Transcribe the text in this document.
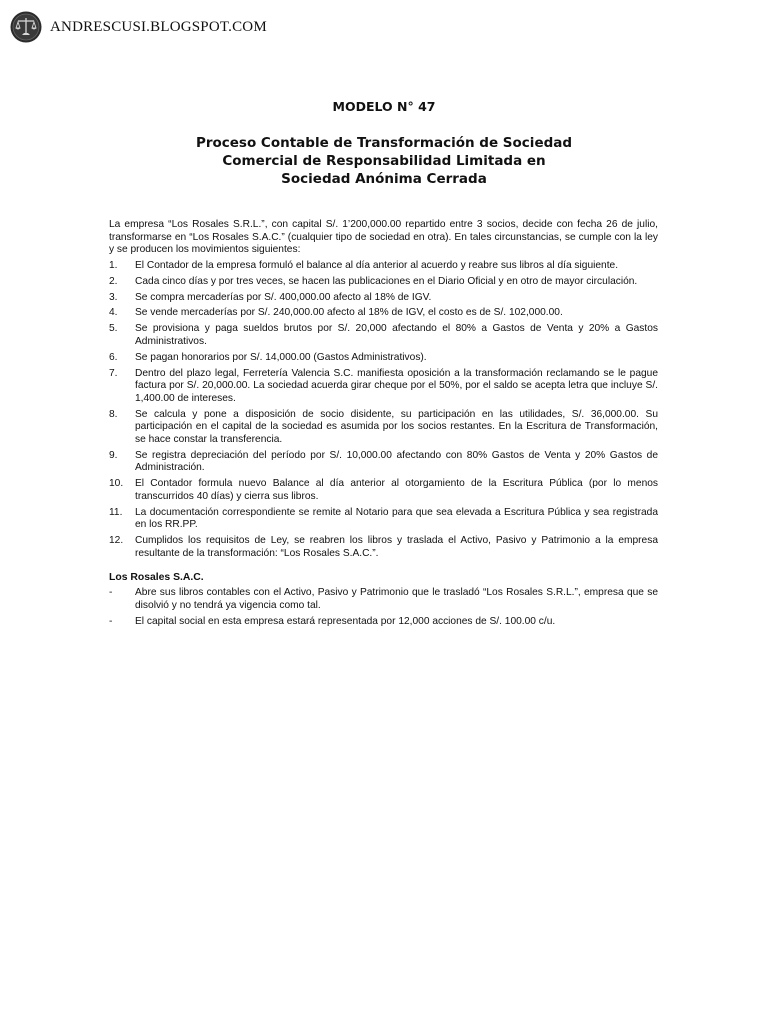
ANDRESCUSI.BLOGSPOT.COM
MODELO N° 47
Proceso Contable de Transformación de Sociedad
Comercial de Responsabilidad Limitada en
Sociedad Anónima Cerrada

La empresa “Los Rosales S.R.L.”, con capital S/. 1’200,000.00 repartido entre 3 socios, decide con fecha 26 de julio, transformarse en “Los Rosales S.A.C.” (cualquier tipo de sociedad en otra). En tales circunstancias, se cumple con la ley y se producen los movimientos siguientes:

1.	El Contador de la empresa formuló el balance al día anterior al acuerdo y reabre sus libros al día siguiente.
2.	Cada cinco días y por tres veces, se hacen las publicaciones en el Diario Oficial y en otro de mayor circulación.
3.	Se compra mercaderías por S/. 400,000.00 afecto al 18% de IGV.
4.	Se vende mercaderías por S/. 240,000.00 afecto al 18% de IGV, el costo es de S/. 102,000.00.
5.	Se provisiona y paga sueldos brutos por S/. 20,000 afectando el 80% a Gastos de Venta y 20% a Gastos Administrativos.
6.	Se pagan honorarios por S/. 14,000.00 (Gastos Administrativos).
7.	Dentro del plazo legal, Ferretería Valencia S.C. manifiesta oposición a la transformación reclamando se le pague factura por S/. 20,000.00. La sociedad acuerda girar cheque por el 50%, por el saldo se acepta letra que incluye S/. 1,400.00 de intereses.
8.	Se calcula y pone a disposición de socio disidente, su participación en las utilidades, S/. 36,000.00. Su participación en el capital de la sociedad es asumida por los socios restantes. En la Escritura de Transformación, se hace constar la transferencia.
9.	Se registra depreciación del período por S/. 10,000.00 afectando con 80% Gastos de Venta y 20% Gastos de Administración.
10.	El Contador formula nuevo Balance al día anterior al otorgamiento de la Escritura Pública (por lo menos transcurridos 40 días) y cierra sus libros.
11.	La documentación correspondiente se remite al Notario para que sea elevada a Escritura Pública y sea registrada en los RR.PP.
12.	Cumplidos los requisitos de Ley, se reabren los libros y traslada el Activo, Pasivo y Patrimonio a la empresa resultante de la transformación: “Los Rosales S.A.C.”.
Los Rosales S.A.C.
-	Abre sus libros contables con el Activo, Pasivo y Patrimonio que le trasladó “Los Rosales S.R.L.”, empresa que se disolvió y no tendrá ya vigencia como tal.
-	El capital social en esta empresa estará representada por 12,000 acciones de S/. 100.00 c/u.
